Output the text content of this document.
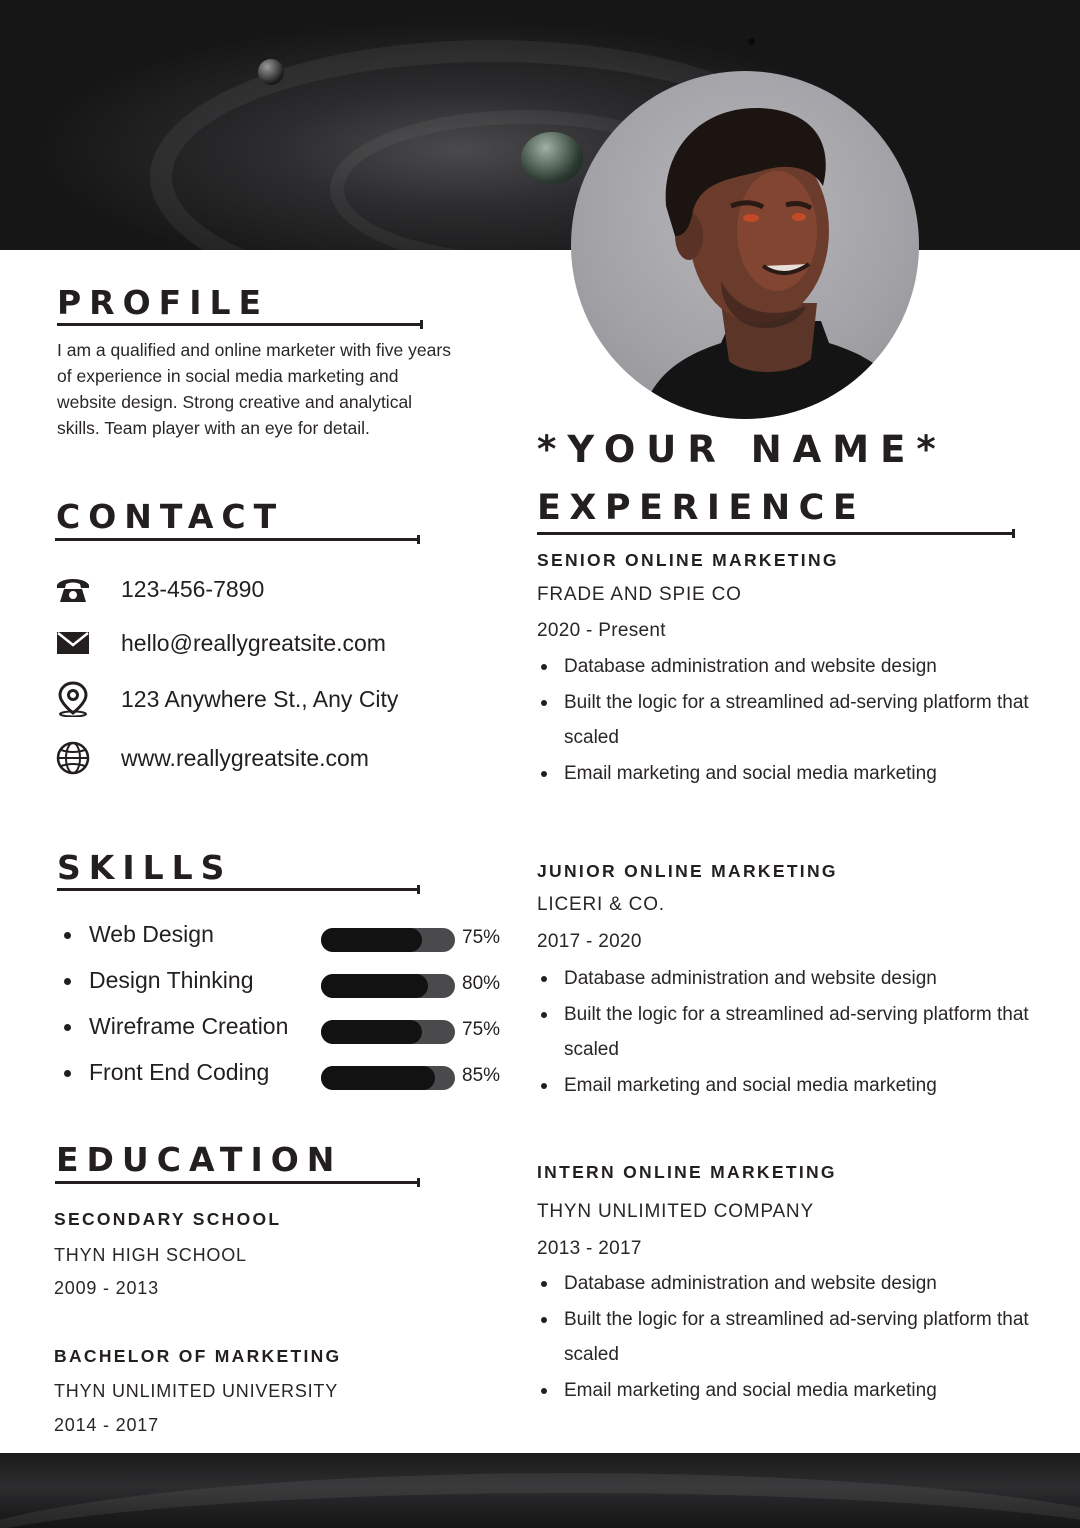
PROFILE

I am a qualified and online marketer with five years of experience in social media marketing and website design. Strong creative and analytical skills. Team player with an eye for detail.

CONTACT
123-456-7890
hello@reallygreatsite.com
123 Anywhere St., Any City
www.reallygreatsite.com
SKILLS
Web Design	75%
Design Thinking	80%
Wireframe Creation	75%
Front End Coding	85%
EDUCATION

SECONDARY SCHOOL

THYN HIGH SCHOOL

2009 - 2013

BACHELOR OF MARKETING

THYN UNLIMITED UNIVERSITY

2014 - 2017

*YOUR NAME*
EXPERIENCE

SENIOR ONLINE MARKETING

FRADE AND SPIE CO

2020 - Present

Database administration and website design
Built the logic for a streamlined ad-serving platform that scaled
Email marketing and social media marketing

JUNIOR ONLINE MARKETING

LICERI & CO.

2017 - 2020

Database administration and website design
Built the logic for a streamlined ad-serving platform that scaled
Email marketing and social media marketing

INTERN ONLINE MARKETING

THYN UNLIMITED COMPANY

2013 - 2017

Database administration and website design
Built the logic for a streamlined ad-serving platform that scaled
Email marketing and social media marketing
